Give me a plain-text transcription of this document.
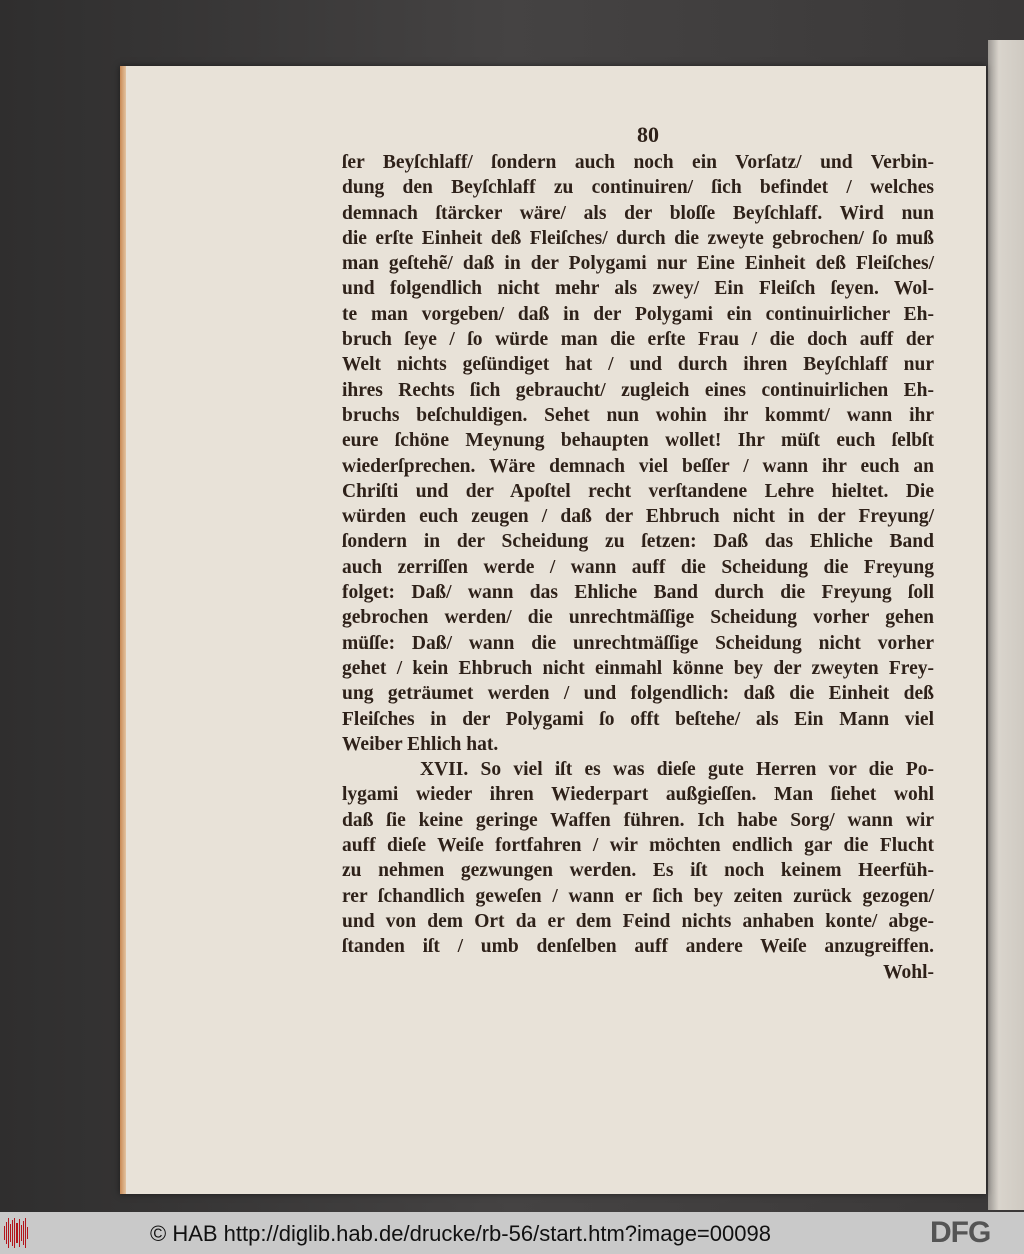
80
ſer Beyſchlaff/ ſondern auch noch ein Vorſatz/ und Verbin-
dung den Beyſchlaff zu continuiren/ ſich befindet / welches
demnach ſtärcker wäre/ als der bloſſe Beyſchlaff. Wird nun
die erſte Einheit deß Fleiſches/ durch die zweyte gebrochen/ ſo muß
man geſtehẽ/ daß in der Polygami nur Eine Einheit deß Fleiſches/
und folgendlich nicht mehr als zwey/ Ein Fleiſch ſeyen. Wol-
te man vorgeben/ daß in der Polygami ein continuirlicher Eh-
bruch ſeye / ſo würde man die erſte Frau / die doch auff der
Welt nichts geſündiget hat / und durch ihren Beyſchlaff nur
ihres Rechts ſich gebraucht/ zugleich eines continuirlichen Eh-
bruchs beſchuldigen. Sehet nun wohin ihr kommt/ wann ihr
eure ſchöne Meynung behaupten wollet! Ihr müſt euch ſelbſt
wiederſprechen. Wäre demnach viel beſſer / wann ihr euch an
Chriſti und der Apoſtel recht verſtandene Lehre hieltet. Die
würden euch zeugen / daß der Ehbruch nicht in der Freyung/
ſondern in der Scheidung zu ſetzen: Daß das Ehliche Band
auch zerriſſen werde / wann auff die Scheidung die Freyung
folget: Daß/ wann das Ehliche Band durch die Freyung ſoll
gebrochen werden/ die unrechtmäſſige Scheidung vorher gehen
müſſe: Daß/ wann die unrechtmäſſige Scheidung nicht vorher
gehet / kein Ehbruch nicht einmahl könne bey der zweyten Frey-
ung geträumet werden / und folgendlich: daß die Einheit deß
Fleiſches in der Polygami ſo offt beſtehe/ als Ein Mann viel
Weiber Ehlich hat.
XVII. So viel iſt es was dieſe gute Herren vor die Po-
lygami wieder ihren Wiederpart außgieſſen. Man ſiehet wohl
daß ſie keine geringe Waffen führen. Ich habe Sorg/ wann wir
auff dieſe Weiſe fortfahren / wir möchten endlich gar die Flucht
zu nehmen gezwungen werden. Es iſt noch keinem Heerfüh-
rer ſchandlich geweſen / wann er ſich bey zeiten zurück gezogen/
und von dem Ort da er dem Feind nichts anhaben konte/ abge-
ſtanden iſt / umb denſelben auff andere Weiſe anzugreiffen.
Wohl-
© HAB http://diglib.hab.de/drucke/rb-56/start.htm?image=00098	DFG
